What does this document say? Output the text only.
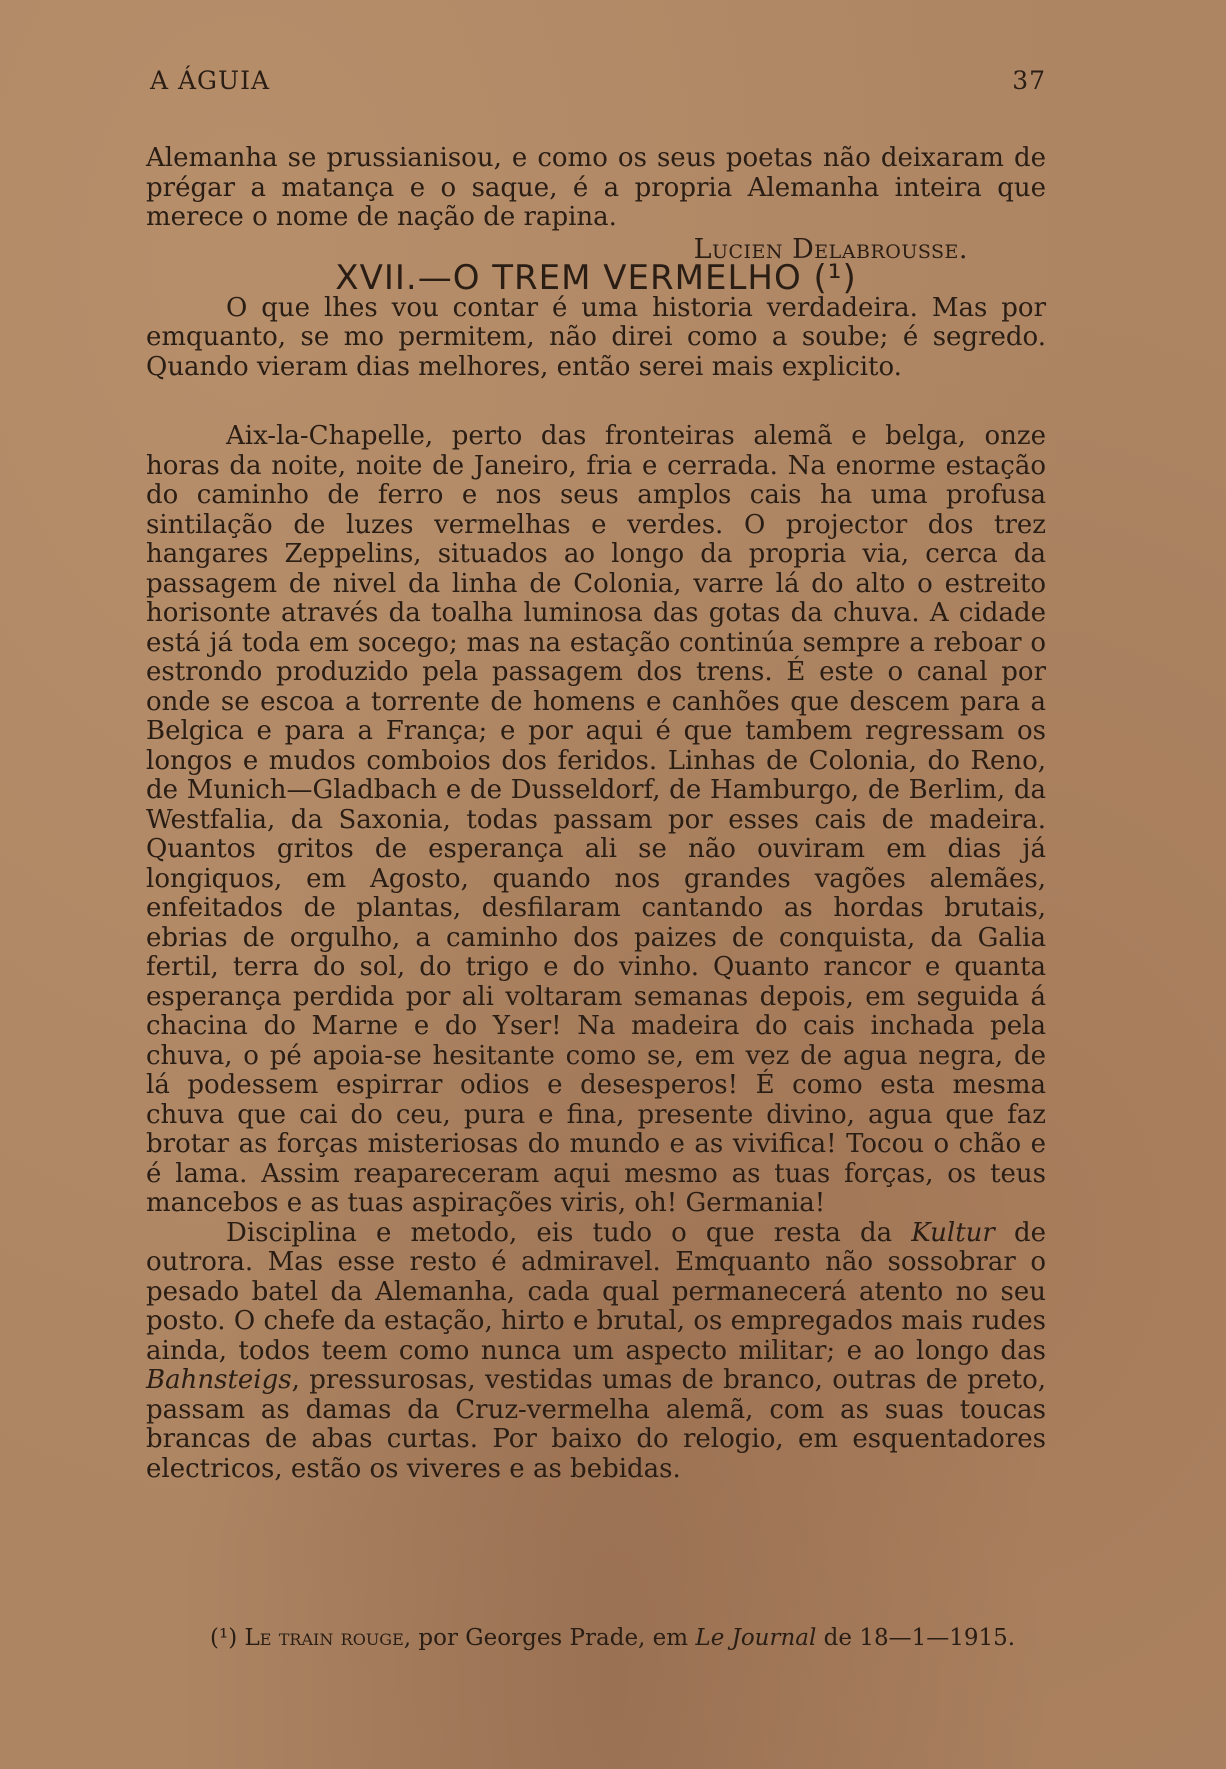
A ÁGUIA	37

Alemanha se prussianisou, e como os seus poetas não deixaram de prégar a matança e o saque, é a propria Alemanha inteira que merece o nome de nação de rapina.

Lucien Delabrousse.

XVII.—O TREM VERMELHO (¹)

O que lhes vou contar é uma historia verdadeira. Mas por emquanto, se mo permitem, não direi como a soube; é segredo. Quando vieram dias melhores, então serei mais explicito.

Aix-la-Chapelle, perto das fronteiras alemã e belga, onze horas da noite, noite de Janeiro, fria e cerrada. Na enorme estação do caminho de ferro e nos seus amplos cais ha uma profusa sintilação de luzes vermelhas e verdes. O projector dos trez hangares Zeppelins, situados ao longo da propria via, cerca da passagem de nivel da linha de Colonia, varre lá do alto o estreito horisonte através da toalha luminosa das gotas da chuva. A cidade está já toda em socego; mas na estação continúa sempre a reboar o estrondo produzido pela passagem dos trens. É este o canal por onde se escoa a torrente de homens e canhões que descem para a Belgica e para a França; e por aqui é que tambem regressam os longos e mudos comboios dos feridos. Linhas de Colonia, do Reno, de Munich—Gladbach e de Dusseldorf, de Hamburgo, de Berlim, da Westfalia, da Saxonia, todas passam por esses cais de madeira. Quantos gritos de esperança ali se não ouviram em dias já longiquos, em Agosto, quando nos grandes vagões alemães, enfeitados de plantas, desfilaram cantando as hordas brutais, ebrias de orgulho, a caminho dos paizes de conquista, da Galia fertil, terra do sol, do trigo e do vinho. Quanto rancor e quanta esperança perdida por ali voltaram semanas depois, em seguida á chacina do Marne e do Yser! Na madeira do cais inchada pela chuva, o pé apoia-se hesitante como se, em vez de agua negra, de lá podessem espirrar odios e desesperos! É como esta mesma chuva que cai do ceu, pura e fina, presente divino, agua que faz brotar as forças misteriosas do mundo e as vivifica! Tocou o chão e é lama. Assim reapareceram aqui mesmo as tuas forças, os teus mancebos e as tuas aspirações viris, oh! Germania!

Disciplina e metodo, eis tudo o que resta da Kultur de outrora. Mas esse resto é admiravel. Emquanto não sossobrar o pesado batel da Alemanha, cada qual permanecerá atento no seu posto. O chefe da estação, hirto e brutal, os empregados mais rudes ainda, todos teem como nunca um aspecto militar; e ao longo das Bahnsteigs, pressurosas, vestidas umas de branco, outras de preto, passam as damas da Cruz-vermelha alemã, com as suas toucas brancas de abas curtas. Por baixo do relogio, em esquentadores electricos, estão os viveres e as bebidas.

(¹) Le train rouge, por Georges Prade, em Le Journal de 18—1—1915.
